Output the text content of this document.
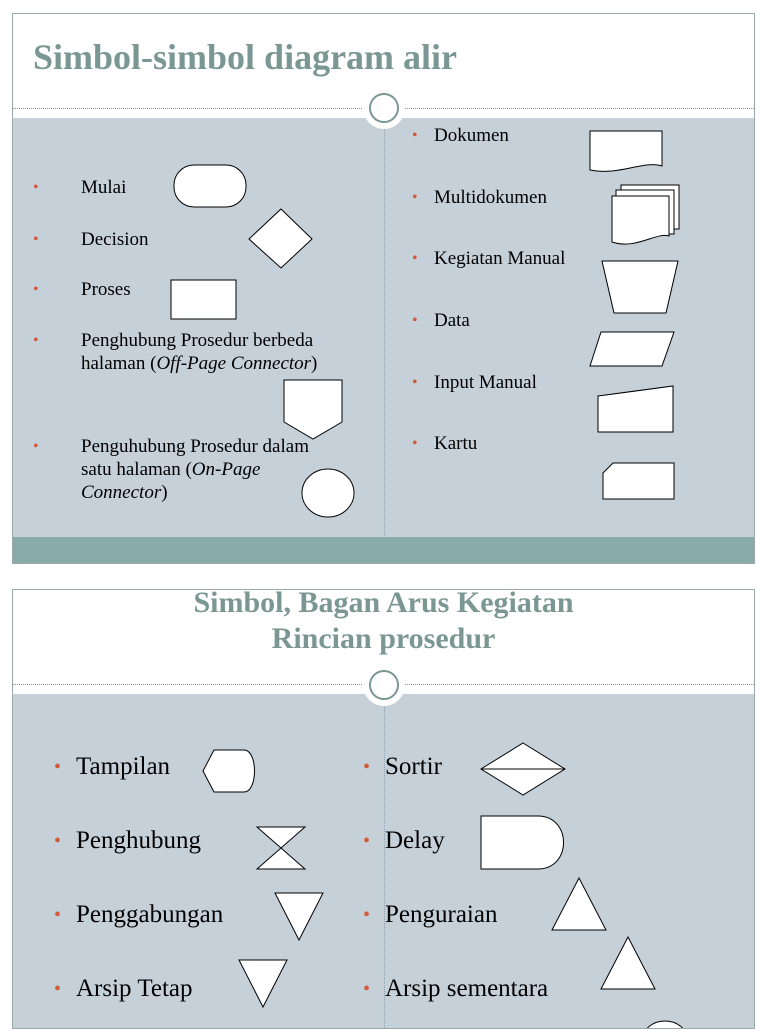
Simbol-simbol diagram alir
• Mulai
• Decision
• Proses
• Penghubung Prosedur berbeda
halaman (Off-Page Connector)
• Penguhubung Prosedur dalam
satu halaman (On-Page
Connector)
• Dokumen
• Multidokumen
• Kegiatan Manual
• Data
• Input Manual
• Kartu
Simbol, Bagan Arus Kegiatan
Rincian prosedur
• Tampilan
• Penghubung
• Penggabungan
• Arsip Tetap
• Sortir
• Delay
• Penguraian
• Arsip sementara
